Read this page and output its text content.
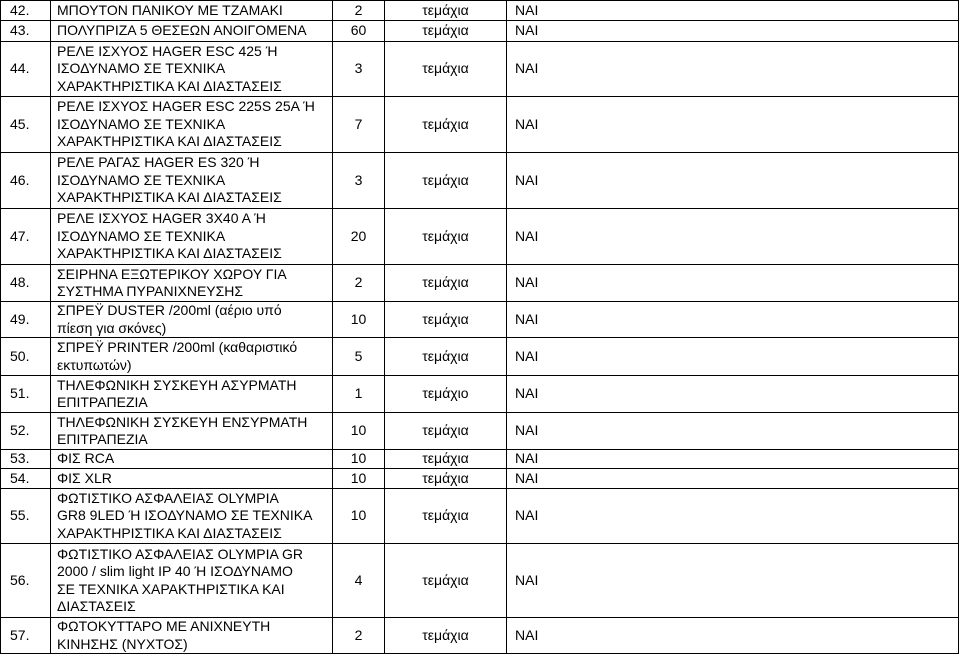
42.	ΜΠΟΥΤΟΝ ΠΑΝΙΚΟΥ ΜΕ ΤΖΑΜΑΚΙ	2	τεμάχια	ΝΑΙ
43.	ΠΟΛΥΠΡΙΖΑ 5 ΘΕΣΕΩΝ ΑΝΟΙΓΟΜΕΝΑ	60	τεμάχια	ΝΑΙ
44.	ΡΕΛΕ ΙΣΧΥΟΣ HAGER ESC 425 Ή
ΙΣΟΔΥΝΑΜΟ ΣΕ ΤΕΧΝΙΚΑ
ΧΑΡΑΚΤΗΡΙΣΤΙΚΑ ΚΑΙ ΔΙΑΣΤΑΣΕΙΣ	3	τεμάχια	ΝΑΙ
45.	ΡΕΛΕ ΙΣΧΥΟΣ HAGER ESC 225S 25A Ή
ΙΣΟΔΥΝΑΜΟ ΣΕ ΤΕΧΝΙΚΑ
ΧΑΡΑΚΤΗΡΙΣΤΙΚΑ ΚΑΙ ΔΙΑΣΤΑΣΕΙΣ	7	τεμάχια	ΝΑΙ
46.	ΡΕΛΕ ΡΑΓΑΣ HAGER ES 320 Ή
ΙΣΟΔΥΝΑΜΟ ΣΕ ΤΕΧΝΙΚΑ
ΧΑΡΑΚΤΗΡΙΣΤΙΚΑ ΚΑΙ ΔΙΑΣΤΑΣΕΙΣ	3	τεμάχια	ΝΑΙ
47.	ΡΕΛΕ ΙΣΧΥΟΣ HAGER 3X40 A Ή
ΙΣΟΔΥΝΑΜΟ ΣΕ ΤΕΧΝΙΚΑ
ΧΑΡΑΚΤΗΡΙΣΤΙΚΑ ΚΑΙ ΔΙΑΣΤΑΣΕΙΣ	20	τεμάχια	ΝΑΙ
48.	ΣΕΙΡΗΝΑ ΕΞΩΤΕΡΙΚΟΥ ΧΩΡΟΥ ΓΙΑ
ΣΥΣΤΗΜΑ ΠΥΡΑΝΙΧΝΕΥΣΗΣ	2	τεμάχια	ΝΑΙ
49.	ΣΠΡΕΫ DUSTER /200ml (αέριο υπό
πίεση για σκόνες)	10	τεμάχια	ΝΑΙ
50.	ΣΠΡΕΫ PRINTER /200ml (καθαριστικό
εκτυπωτών)	5	τεμάχια	ΝΑΙ
51.	ΤΗΛΕΦΩΝΙΚΗ ΣΥΣΚΕΥΗ ΑΣΥΡΜΑΤΗ
ΕΠΙΤΡΑΠΕΖΙΑ	1	τεμάχιο	ΝΑΙ
52.	ΤΗΛΕΦΩΝΙΚΗ ΣΥΣΚΕΥΗ ΕΝΣΥΡΜΑΤΗ
ΕΠΙΤΡΑΠΕΖΙΑ	10	τεμάχια	ΝΑΙ
53.	ΦΙΣ RCA	10	τεμάχια	ΝΑΙ
54.	ΦΙΣ XLR	10	τεμάχια	ΝΑΙ
55.	ΦΩΤΙΣΤΙΚΟ ΑΣΦΑΛΕΙΑΣ OLYMPIA
GR8 9LED Ή ΙΣΟΔΥΝΑΜΟ ΣΕ ΤΕΧΝΙΚΑ
ΧΑΡΑΚΤΗΡΙΣΤΙΚΑ ΚΑΙ ΔΙΑΣΤΑΣΕΙΣ	10	τεμάχια	ΝΑΙ
56.	ΦΩΤΙΣΤΙΚΟ ΑΣΦΑΛΕΙΑΣ OLYMPIA GR
2000 / slim light IP 40 Ή ΙΣΟΔΥΝΑΜΟ
ΣΕ ΤΕΧΝΙΚΑ ΧΑΡΑΚΤΗΡΙΣΤΙΚΑ ΚΑΙ
ΔΙΑΣΤΑΣΕΙΣ	4	τεμάχια	ΝΑΙ
57.	ΦΩΤΟΚΥΤΤΑΡΟ ΜΕ ΑΝΙΧΝΕΥΤΗ
ΚΙΝΗΣΗΣ (ΝΥΧΤΟΣ)	2	τεμάχια	ΝΑΙ
